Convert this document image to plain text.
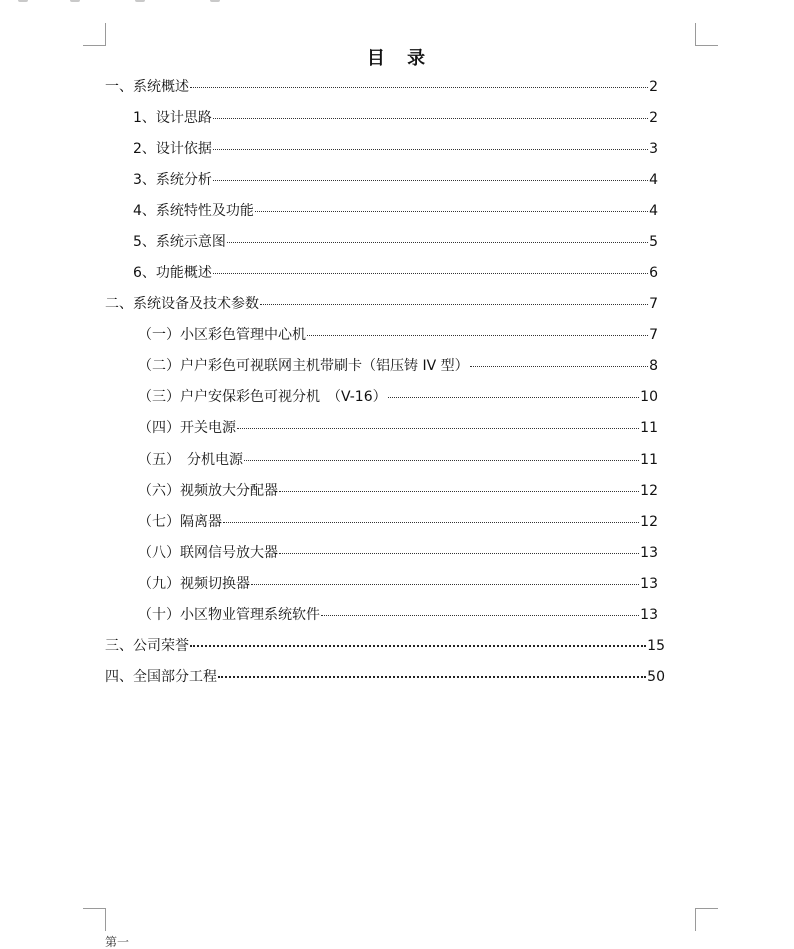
目 录
一、系统概述	2
1、设计思路	2
2、设计依据	3
3、系统分析	4
4、系统特性及功能	4
5、系统示意图	5
6、功能概述	6
二、系统设备及技术参数	7
（一）小区彩色管理中心机	7
（二）户户彩色可视联网主机带刷卡（铝压铸 IV 型）	8
（三）户户安保彩色可视分机　（V-16）	10
（四）开关电源	11
（五）　分机电源	11
（六）视频放大分配器	12
（七）隔离器	12
（八）联网信号放大器	13
（九）视频切换器	13
（十）小区物业管理系统软件	13
三、公司荣誉	15
四、全国部分工程	50
第一
